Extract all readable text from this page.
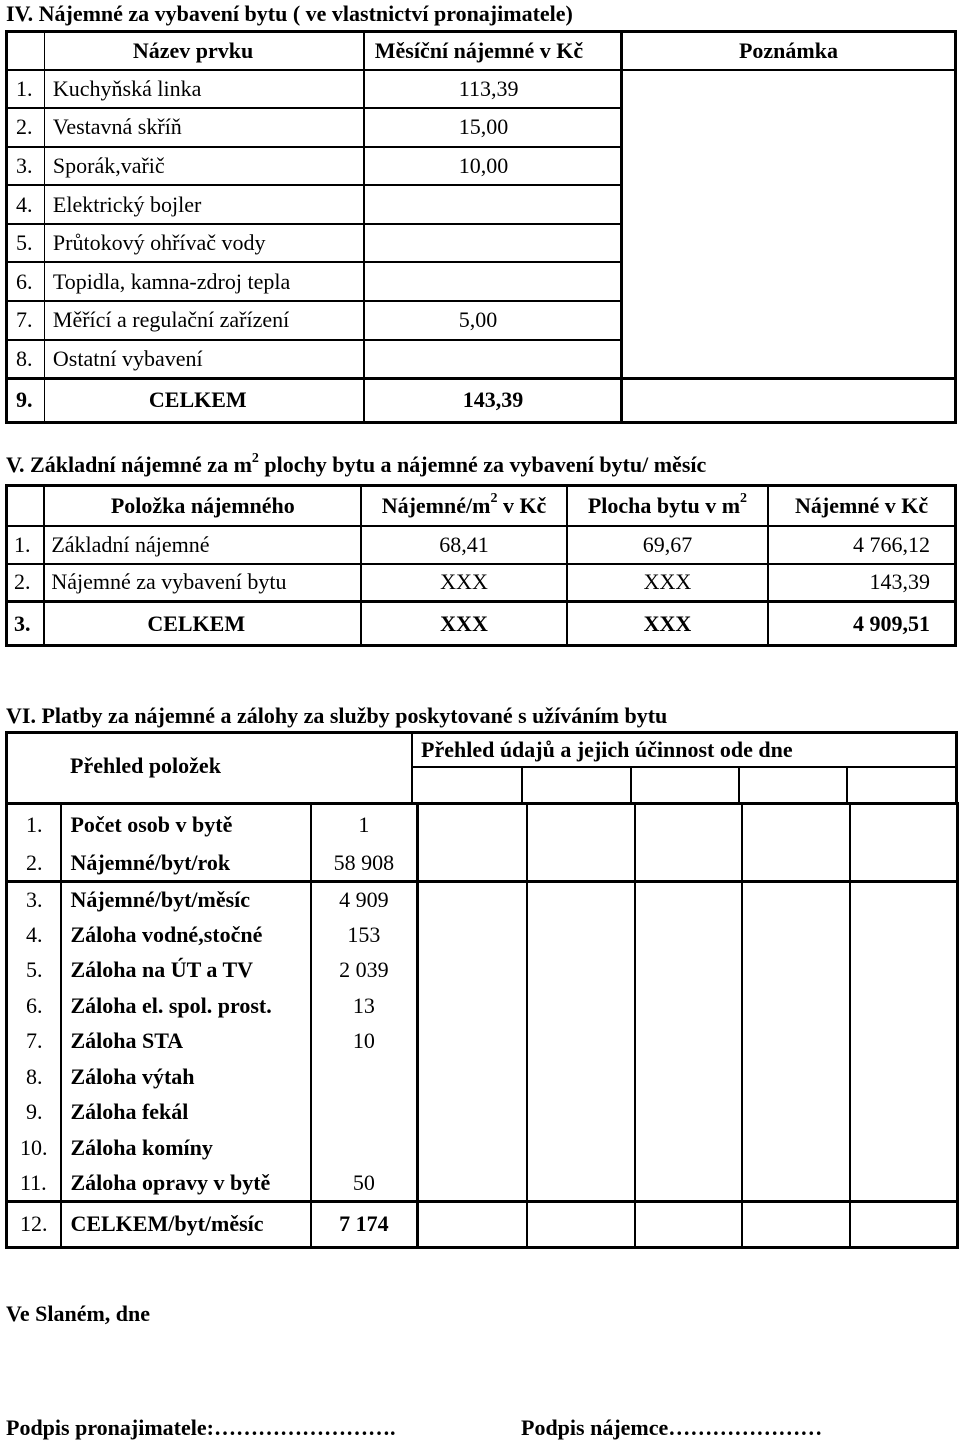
IV. Nájemné za vybavení bytu ( ve vlastnictví pronajimatele)
	Název prvku	Měsíční nájemné v Kč	Poznámka
1.	Kuchyňská linka	113,39	
2.	Vestavná skříň	15,00	
3.	Sporák,vařič	10,00	
4.	Elektrický bojler		
5.	Průtokový ohřívač vody		
6.	Topidla, kamna-zdroj tepla		
7.	Měřící a regulační zařízení	5,00	
8.	Ostatní vybavení		
9.	CELKEM	143,39	
V. Základní nájemné za $m^2$ plochy bytu a nájemné za vybavení bytu/ měsíc
	Položka nájemného	Nájemné/$m^2$ v Kč	Plocha bytu v $m^2$	Nájemné v Kč
1.	Základní nájemné	68,41	69,67	4 766,12
2.	Nájemné za vybavení bytu	XXX	XXX	143,39
3.	CELKEM	XXX	XXX	4 909,51
VI. Platby za nájemné a zálohy za služby poskytované s užíváním bytu
Přehled položek
Přehled údajů a jejich účinnost ode dne
1.	Počet osob v bytě	1					
2.	Nájemné/byt/rok	58 908					
3.	Nájemné/byt/měsíc	4 909					
4.	Záloha vodné,stočné	153					
5.	Záloha na ÚT a TV	2 039					
6.	Záloha el. spol. prost.	13					
7.	Záloha STA	10					
8.	Záloha výtah						
9.	Záloha fekál						
10.	Záloha komíny						
11.	Záloha opravy v bytě	50					
12.	CELKEM/byt/měsíc	7 174					
Ve Slaném, dne
Podpis pronajimatele:…………………….	Podpis nájemce…………………
